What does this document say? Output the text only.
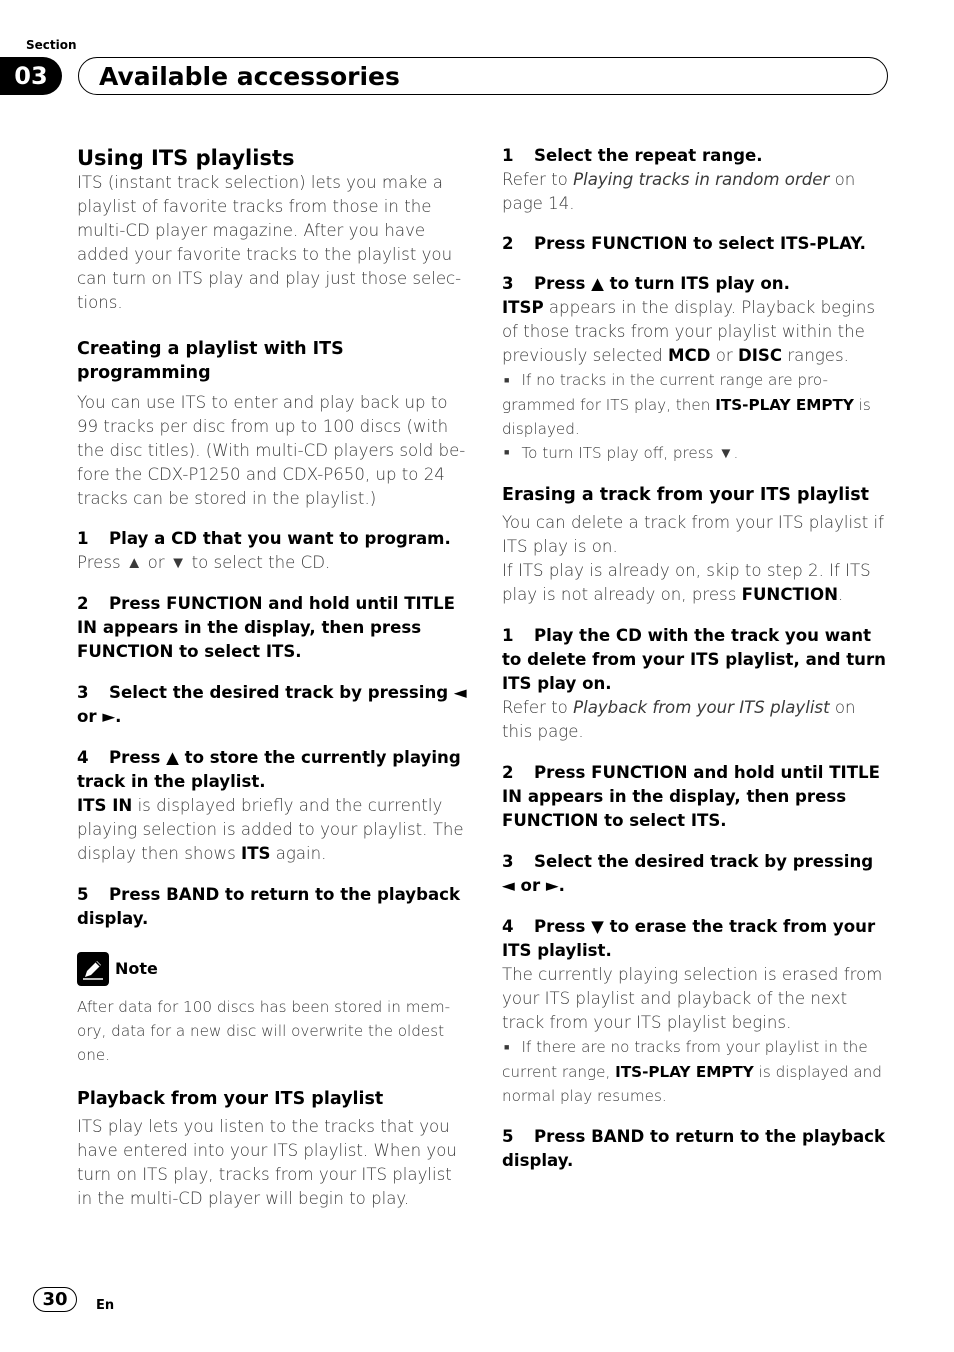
Section
03	Available accessories
Using ITS playlists

ITS (instant track selection) lets you make a playlist of favorite tracks from those in the multi-CD player magazine. After you have added your favorite tracks to the playlist you can turn on ITS play and play just those selec-tions.

Creating a playlist with ITS programming

You can use ITS to enter and play back up to 99 tracks per disc from up to 100 discs (with the disc titles). (With multi-CD players sold be-fore the CDX-P1250 and CDX-P650, up to 24 tracks can be stored in the playlist.)

1 Play a CD that you want to program.

Press ▲ or ▼ to select the CD.

2 Press FUNCTION and hold until TITLE IN appears in the display, then press FUNCTION to select ITS.

3 Select the desired track by pressing ◄ or ►.

4 Press ▲ to store the currently playing track in the playlist.

ITS IN is displayed briefly and the currently playing selection is added to your playlist. The display then shows ITS again.

5 Press BAND to return to the playback display.

Note

After data for 100 discs has been stored in mem-ory, data for a new disc will overwrite the oldest one.

Playback from your ITS playlist

ITS play lets you listen to the tracks that you have entered into your ITS playlist. When you turn on ITS play, tracks from your ITS playlist in the multi-CD player will begin to play.

1 Select the repeat range.

Refer to Playing tracks in random order on page 14.

2 Press FUNCTION to select ITS-PLAY.

3 Press ▲ to turn ITS play on.

ITSP appears in the display. Playback begins of those tracks from your playlist within the previously selected MCD or DISC ranges.

■ If no tracks in the current range are pro-grammed for ITS play, then ITS-PLAY EMPTY is displayed.

■ To turn ITS play off, press ▼.

Erasing a track from your ITS playlist

You can delete a track from your ITS playlist if ITS play is on.

If ITS play is already on, skip to step 2. If ITS play is not already on, press FUNCTION.

1 Play the CD with the track you want to delete from your ITS playlist, and turn ITS play on.

Refer to Playback from your ITS playlist on this page.

2 Press FUNCTION and hold until TITLE IN appears in the display, then press FUNCTION to select ITS.

3 Select the desired track by pressing ◄ or ►.

4 Press ▼ to erase the track from your ITS playlist.

The currently playing selection is erased from your ITS playlist and playback of the next track from your ITS playlist begins.

■ If there are no tracks from your playlist in the current range, ITS-PLAY EMPTY is displayed and normal play resumes.

5 Press BAND to return to the playback display.

30	En
